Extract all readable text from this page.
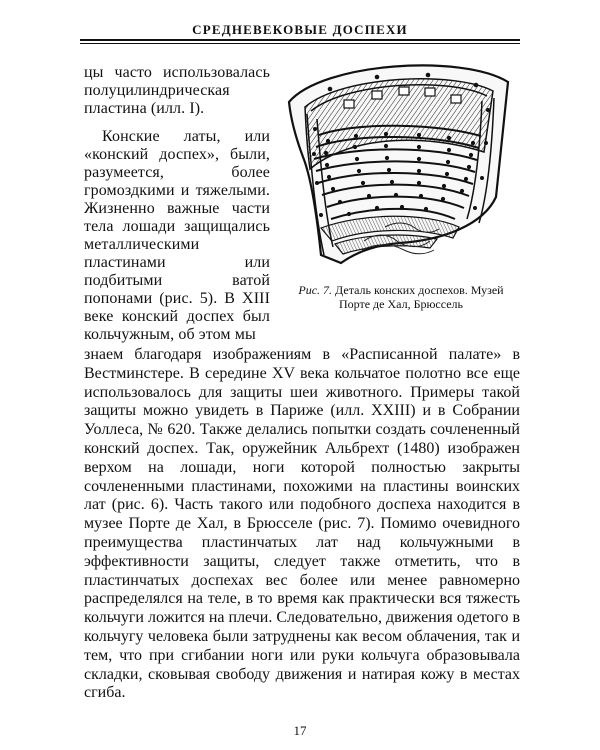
СРЕДНЕВЕКОВЫЕ ДОСПЕХИ

цы часто использовалась полуцилиндрическая пластина (илл. I).

Конские латы, или «конский доспех», были, разумеется, более громоздкими и тяжелыми. Жизненно важные части тела лошади защищались металлическими пластинами или подбитыми ватой попонами (рис. 5). В XIII веке конский доспех был кольчужным, об этом мы

Рис. 7. Деталь конских доспехов. Музей Порте де Хал, Брюссель

знаем благодаря изображениям в «Расписанной палате» в Вестминстере. В середине XV века кольчатое полотно все еще использовалось для защиты шеи животного. Примеры такой защиты можно увидеть в Париже (илл. XXIII) и в Собрании Уоллеса, № 620. Также делались попытки создать сочлененный конский доспех. Так, оружейник Альбрехт (1480) изображен верхом на лошади, ноги которой полностью закрыты сочлененными пластинами, похожими на пластины воинских лат (рис. 6). Часть такого или подобного доспеха находится в музее Порте де Хал, в Брюсселе (рис. 7). Помимо очевидного преимущества пластинчатых лат над кольчужными в эффективности защиты, следует также отметить, что в пластинчатых доспехах вес более или менее равномерно распределялся на теле, в то время как практически вся тяжесть кольчуги ложится на плечи. Следовательно, движения одетого в кольчугу человека были затруднены как весом облачения, так и тем, что при сгибании ноги или руки кольчуга образовывала складки, сковывая свободу движения и натирая кожу в местах сгиба.

17
